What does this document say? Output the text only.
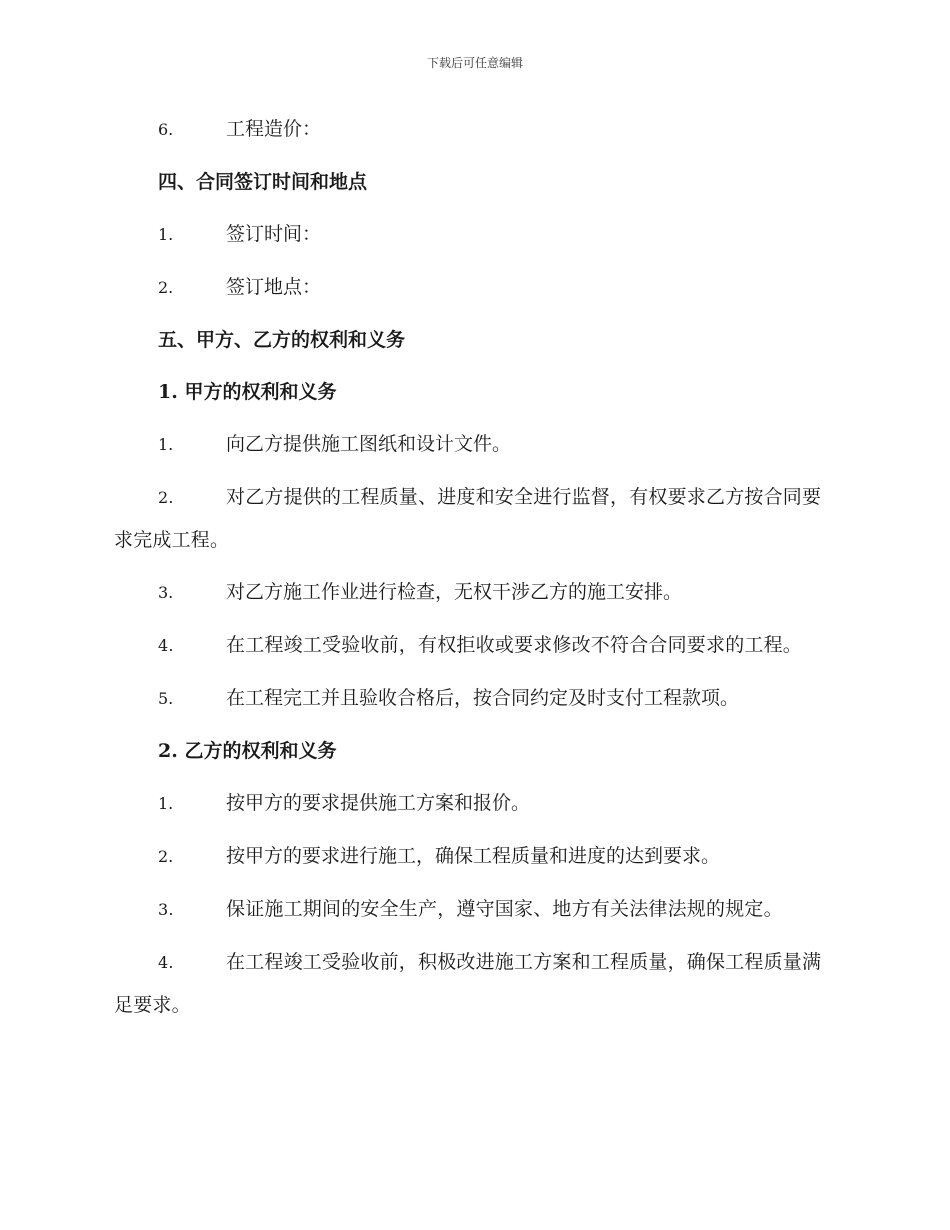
下载后可任意编辑
6.	工程造价：
四、合同签订时间和地点
1.	签订时间：
2.	签订地点：
五、甲方、乙方的权利和义务
1. 甲方的权利和义务
1.	向乙方提供施工图纸和设计文件。
2.	对乙方提供的工程质量、进度和安全进行监督，有权要求乙方按合同要求完成工程。
3.	对乙方施工作业进行检查，无权干涉乙方的施工安排。
4.	在工程竣工受验收前，有权拒收或要求修改不符合合同要求的工程。
5.	在工程完工并且验收合格后，按合同约定及时支付工程款项。
2. 乙方的权利和义务
1.	按甲方的要求提供施工方案和报价。
2.	按甲方的要求进行施工，确保工程质量和进度的达到要求。
3.	保证施工期间的安全生产，遵守国家、地方有关法律法规的规定。
4.	在工程竣工受验收前，积极改进施工方案和工程质量，确保工程质量满足要求。
